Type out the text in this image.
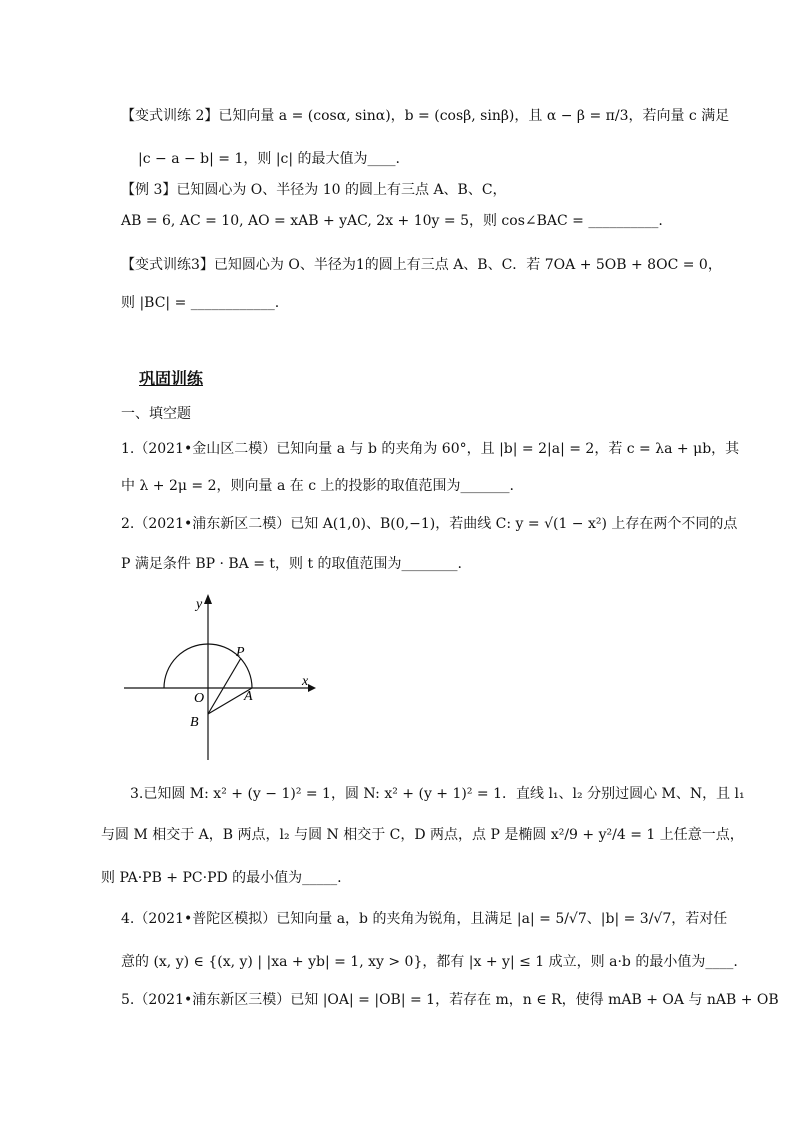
【变式训练 2】已知向量 a = (cosα, sinα)，b = (cosβ, sinβ)，且 α − β = π/3，若向量 c 满足
|c − a − b| = 1，则 |c| 的最大值为____.
【例 3】已知圆心为 O、半径为 10 的圆上有三点 A、B、C，
AB = 6, AC = 10, AO = xAB + yAC, 2x + 10y = 5，则 cos∠BAC = __________.
【变式训练3】已知圆心为 O、半径为1的圆上有三点 A、B、C．若 7OA + 5OB + 8OC = 0，
则 |BC| = ____________.
巩固训练
一、填空题
1.（2021•金山区二模）已知向量 a 与 b 的夹角为 60°，且 |b| = 2|a| = 2，若 c = λa + μb，其
中 λ + 2μ = 2，则向量 a 在 c 上的投影的取值范围为_______.
2.（2021•浦东新区二模）已知 A(1,0)、B(0,−1)，若曲线 C: y = √(1 − x²) 上存在两个不同的点
P 满足条件 BP · BA = t，则 t 的取值范围为________.
y
x
O	A
B
P
3.已知圆 M: x² + (y − 1)² = 1，圆 N: x² + (y + 1)² = 1．直线 l₁、l₂ 分别过圆心 M、N，且 l₁
与圆 M 相交于 A，B 两点，l₂ 与圆 N 相交于 C，D 两点，点 P 是椭圆 x²/9 + y²/4 = 1 上任意一点，
则 PA·PB + PC·PD 的最小值为_____.
4.（2021•普陀区模拟）已知向量 a，b 的夹角为锐角，且满足 |a| = 5/√7、|b| = 3/√7，若对任
意的 (x, y) ∈ {(x, y) | |xa + yb| = 1, xy > 0}，都有 |x + y| ≤ 1 成立，则 a·b 的最小值为____.
5.（2021•浦东新区三模）已知 |OA| = |OB| = 1，若存在 m，n ∈ R，使得 mAB + OA 与 nAB + OB
